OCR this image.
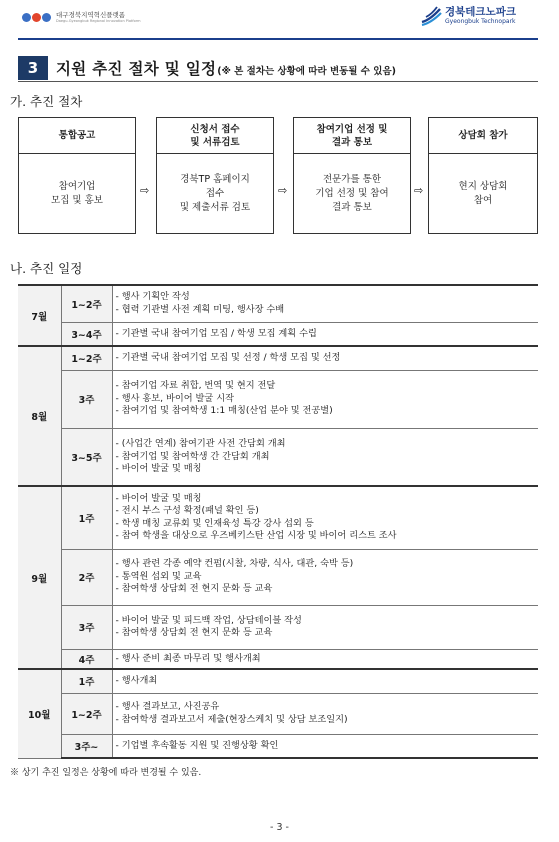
대구경북지역혁신플랫폼
Daegu-Gyeongbuk Regional Innovation Platform
경북테크노파크
Gyeongbuk Technopark
3	지원 추진 절차 및 일정 (※ 본 절차는 상황에 따라 변동될 수 있음)
가. 추진 절차
통합공고
참여기업
모집 및 홍보
⇨
신청서 접수
및 서류검토
경북TP 홈페이지
접수
및 제출서류 검토
⇨
참여기업 선정 및
결과 통보
전문가를 통한
기업 선정 및 참여
결과 통보
⇨
상담회 참가
현지 상담회
참여
나. 추진 일정
7월	1~2주	- 행사 기획안 작성
- 협력 기관별 사전 계획 미팅, 행사장 수배

	3~4주	- 기관별 국내 참여기업 모집 / 학생 모집 계획 수립

8월	1~2주	- 기관별 국내 참여기업 모집 및 선정 / 학생 모집 및 선정

	3주	- 참여기업 자료 취합, 번역 및 현지 전달
- 행사 홍보, 바이어 발굴 시작
- 참여기업 및 참여학생 1:1 매칭(산업 분야 및 전공별)

	3~5주	- (사업간 연계) 참여기관 사전 간담회 개최
- 참여기업 및 참여학생 간 간담회 개최
- 바이어 발굴 및 매칭

9월	1주	- 바이어 발굴 및 매칭
- 전시 부스 구성 확정(패널 확인 등)
- 학생 매칭 교류회 및 인재육성 특강 강사 섭외 등
- 참여 학생을 대상으로 우즈베키스탄 산업 시장 및 바이어 리스트 조사

	2주	- 행사 관련 각종 예약 컨펌(시찰, 차량, 식사, 대관, 숙박 등)
- 통역원 섭외 및 교육
- 참여학생 상담회 전 현지 문화 등 교육

	3주	- 바이어 발굴 및 피드백 작업, 상담테이블 작성
- 참여학생 상담회 전 현지 문화 등 교육

	4주	- 행사 준비 최종 마무리 및 행사개최

10월	1주	- 행사개최

	1~2주	- 행사 결과보고, 사진공유
- 참여학생 결과보고서 제출(현장스케치 및 상담 보조일지)

	3주~	- 기업별 후속활동 지원 및 진행상황 확인
※ 상기 추진 일정은 상황에 따라 변경될 수 있음.
- 3 -
